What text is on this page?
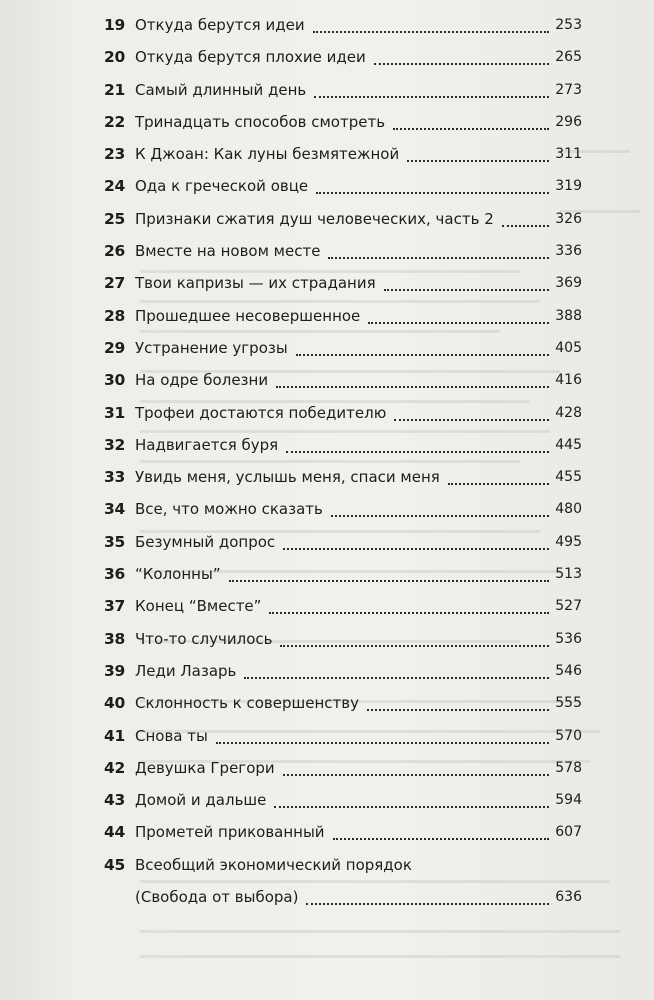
19 Откуда берутся идеи	253
20 Откуда берутся плохие идеи	265
21 Самый длинный день	273
22 Тринадцать способов смотреть	296
23 К Джоан: Как луны безмятежной	311
24 Ода к греческой овце	319
25 Признаки сжатия душ человеческих, часть 2	326
26 Вместе на новом месте	336
27 Твои капризы — их страдания	369
28 Прошедшее несовершенное	388
29 Устранение угрозы	405
30 На одре болезни	416
31 Трофеи достаются победителю	428
32 Надвигается буря	445
33 Увидь меня, услышь меня, спаси меня	455
34 Все, что можно сказать	480
35 Безумный допрос	495
36 “Колонны”	513
37 Конец “Вместе”	527
38 Что-то случилось	536
39 Леди Лазарь	546
40 Склонность к совершенству	555
41 Снова ты	570
42 Девушка Грегори	578
43 Домой и дальше	594
44 Прометей прикованный	607
45 Всеобщий экономический порядок
(Свобода от выбора)	636
